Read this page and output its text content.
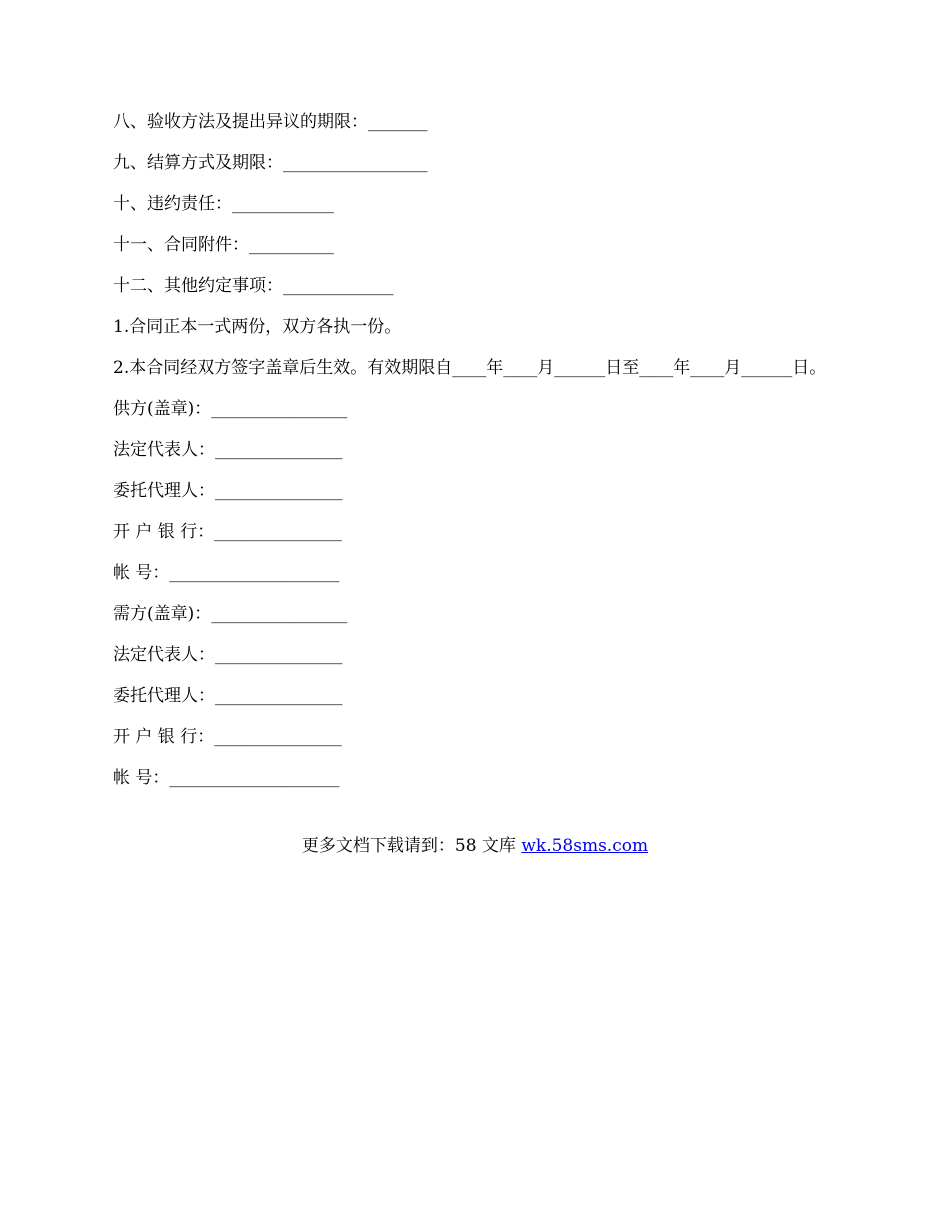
八、验收方法及提出异议的期限：_______

九、结算方式及期限：_________________

十、违约责任：____________

十一、合同附件：__________

十二、其他约定事项：_____________

1.合同正本一式两份，双方各执一份。

2.本合同经双方签字盖章后生效。有效期限自____年____月______日至____年____月______日。

供方(盖章)：________________

法定代表人：_______________

委托代理人：_______________

开 户 银 行：_______________

帐 号：____________________

需方(盖章)：________________

法定代表人：_______________

委托代理人：_______________

开 户 银 行：_______________

帐 号：____________________

更多文档下载请到：58 文库 wk.58sms.com
